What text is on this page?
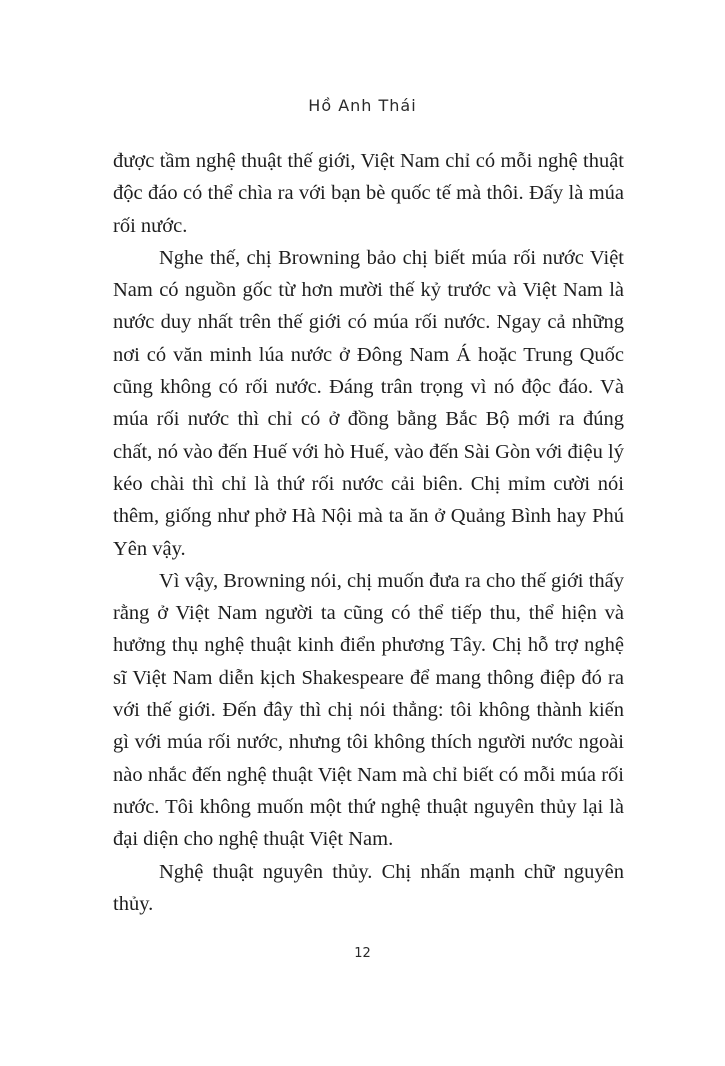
Hồ Anh Thái

được tầm nghệ thuật thế giới, Việt Nam chỉ có mỗi nghệ thuật độc đáo có thể chìa ra với bạn bè quốc tế mà thôi. Đấy là múa rối nước.

Nghe thế, chị Browning bảo chị biết múa rối nước Việt Nam có nguồn gốc từ hơn mười thế kỷ trước và Việt Nam là nước duy nhất trên thế giới có múa rối nước. Ngay cả những nơi có văn minh lúa nước ở Đông Nam Á hoặc Trung Quốc cũng không có rối nước. Đáng trân trọng vì nó độc đáo. Và múa rối nước thì chỉ có ở đồng bằng Bắc Bộ mới ra đúng chất, nó vào đến Huế với hò Huế, vào đến Sài Gòn với điệu lý kéo chài thì chỉ là thứ rối nước cải biên. Chị mỉm cười nói thêm, giống như phở Hà Nội mà ta ăn ở Quảng Bình hay Phú Yên vậy.

Vì vậy, Browning nói, chị muốn đưa ra cho thế giới thấy rằng ở Việt Nam người ta cũng có thể tiếp thu, thể hiện và hưởng thụ nghệ thuật kinh điển phương Tây. Chị hỗ trợ nghệ sĩ Việt Nam diễn kịch Shakespeare để mang thông điệp đó ra với thế giới. Đến đây thì chị nói thẳng: tôi không thành kiến gì với múa rối nước, nhưng tôi không thích người nước ngoài nào nhắc đến nghệ thuật Việt Nam mà chỉ biết có mỗi múa rối nước. Tôi không muốn một thứ nghệ thuật nguyên thủy lại là đại diện cho nghệ thuật Việt Nam.

Nghệ thuật nguyên thủy. Chị nhấn mạnh chữ nguyên thủy.

12
